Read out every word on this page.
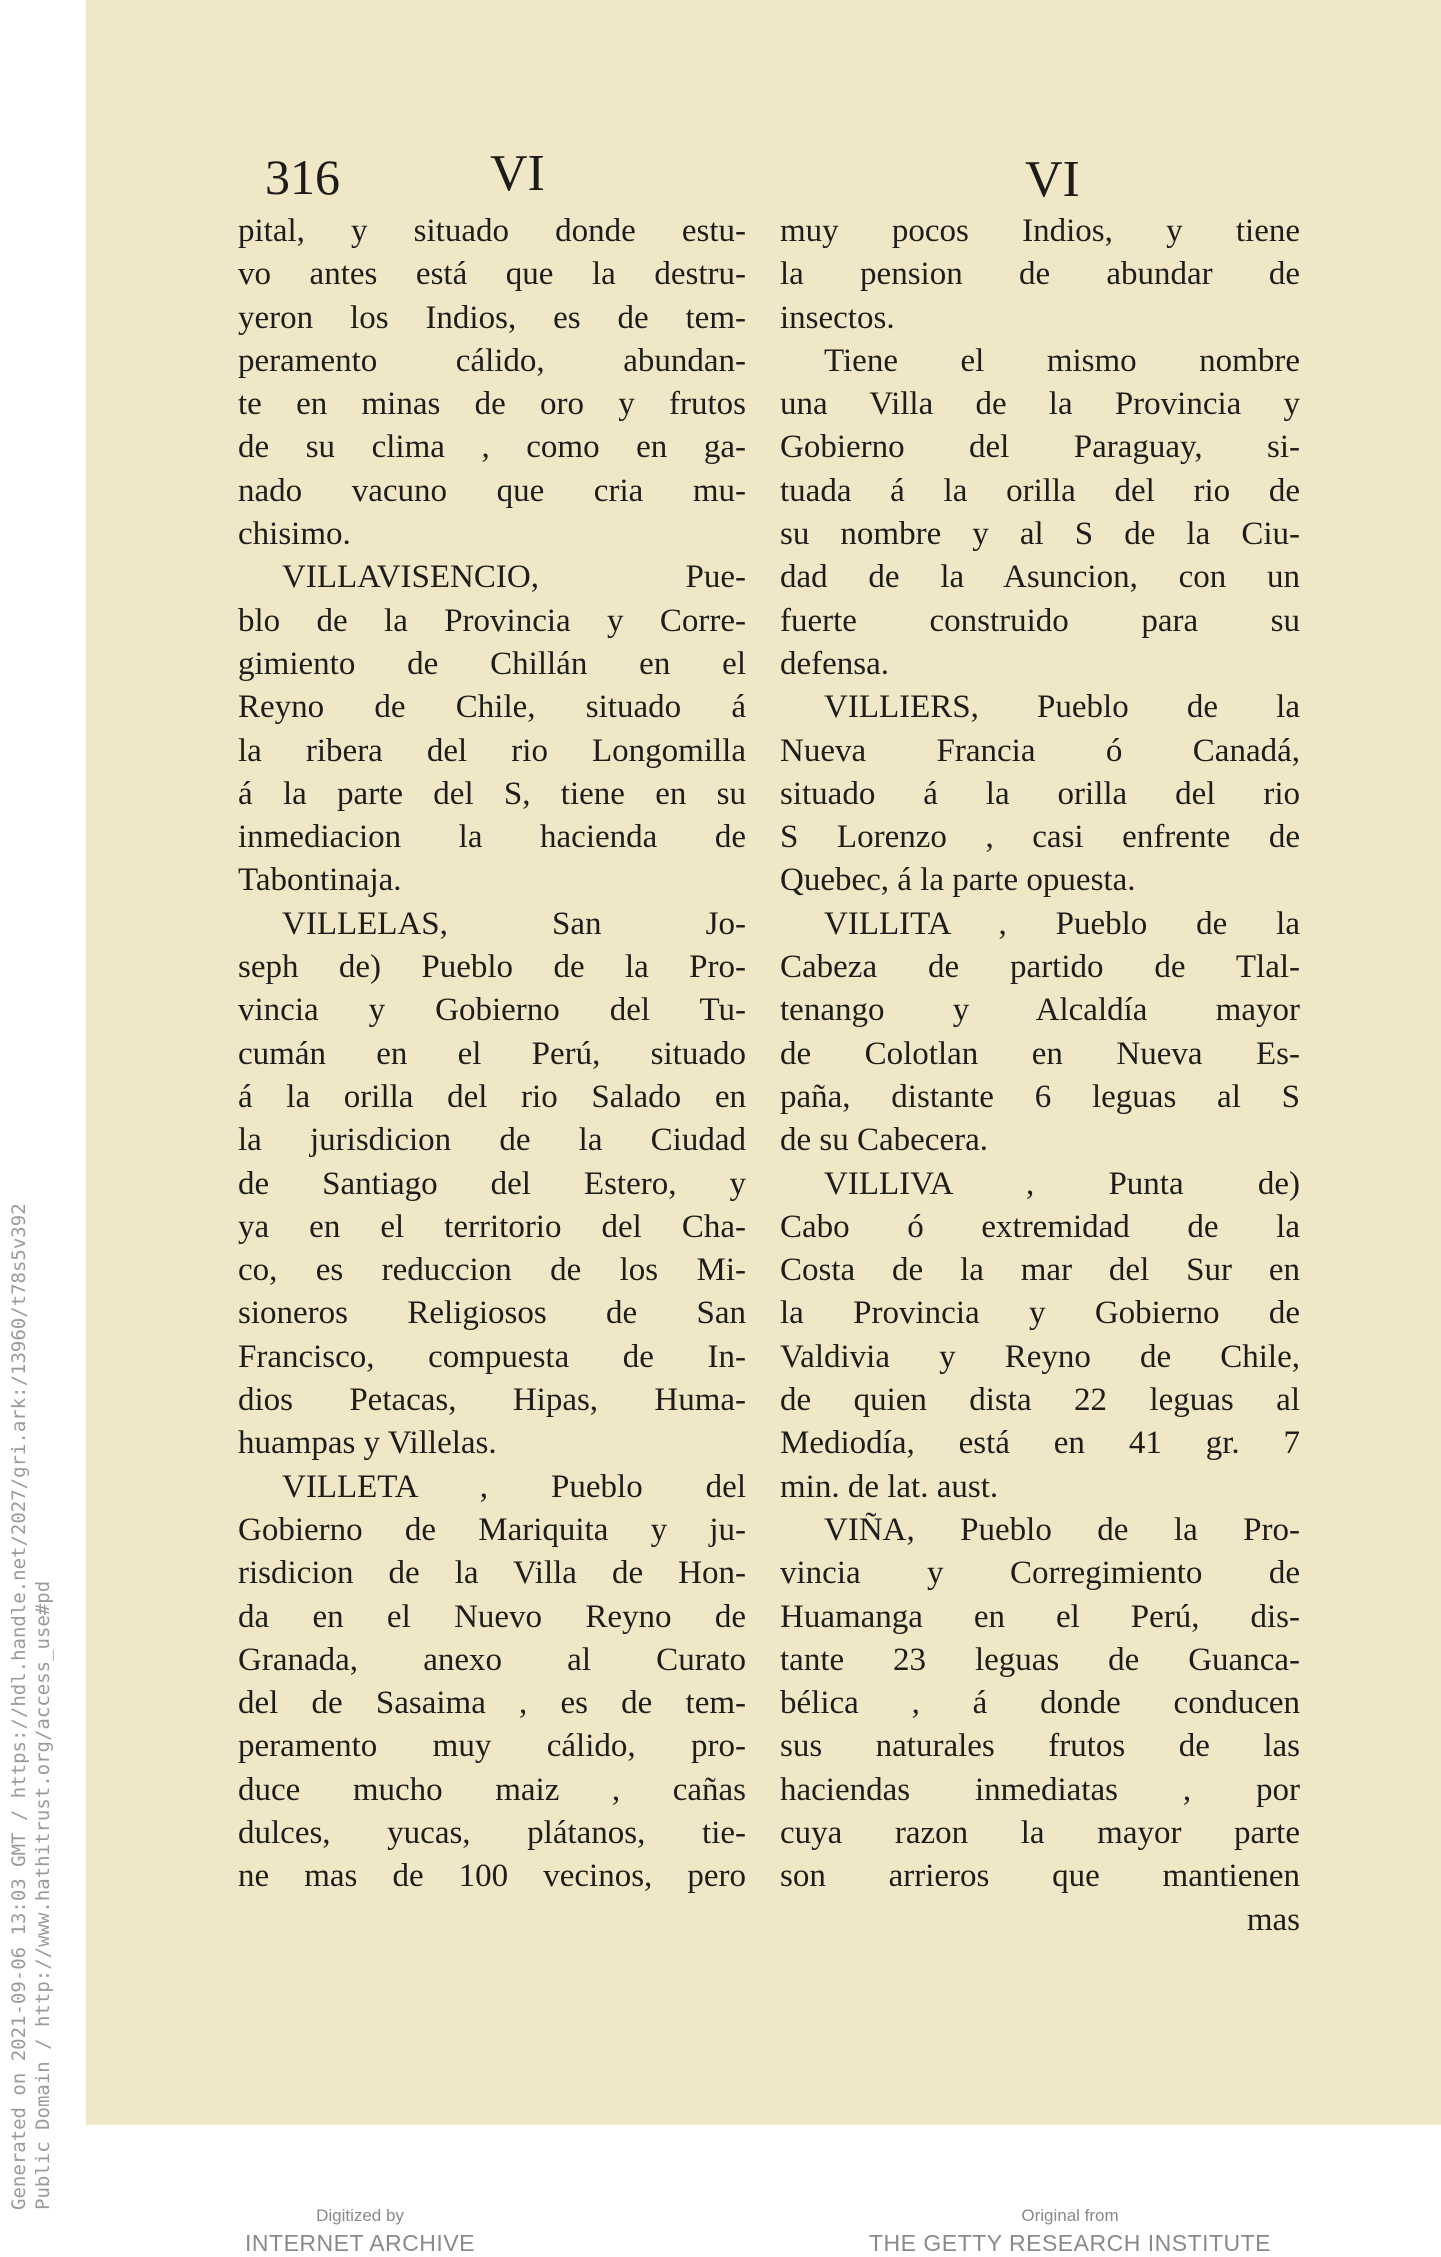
Generated on 2021-09-06 13:03 GMT / https://hdl.handle.net/2027/gri.ark:/13960/t78s5v392 Public Domain / http://www.hathitrust.org/access_use#pd
316	VI	VI
pital, y situado donde estu-
vo antes está que la destru-
yeron los Indios, es de tem-
peramento cálido, abundan-
te en minas de oro y frutos
de su clima , como en ga-
nado vacuno que cria mu-
chisimo.
VILLAVISENCIO, Pue-
blo de la Provincia y Corre-
gimiento de Chillán en el
Reyno de Chile, situado á
la ribera del rio Longomilla
á la parte del S, tiene en su
inmediacion la hacienda de
Tabontinaja.
VILLELAS, San Jo-
seph de) Pueblo de la Pro-
vincia y Gobierno del Tu-
cumán en el Perú, situado
á la orilla del rio Salado en
la jurisdicion de la Ciudad
de Santiago del Estero, y
ya en el territorio del Cha-
co, es reduccion de los Mi-
sioneros Religiosos de San
Francisco, compuesta de In-
dios Petacas, Hipas, Huma-
huampas y Villelas.
VILLETA , Pueblo del
Gobierno de Mariquita y ju-
risdicion de la Villa de Hon-
da en el Nuevo Reyno de
Granada, anexo al Curato
del de Sasaima , es de tem-
peramento muy cálido, pro-
duce mucho maiz , cañas
dulces, yucas, plátanos, tie-
ne mas de 100 vecinos, pero
muy pocos Indios, y tiene
la pension de abundar de
insectos.
Tiene el mismo nombre
una Villa de la Provincia y
Gobierno del Paraguay, si-
tuada á la orilla del rio de
su nombre y al S de la Ciu-
dad de la Asuncion, con un
fuerte construido para su
defensa.
VILLIERS, Pueblo de la
Nueva Francia ó Canadá,
situado á la orilla del rio
S Lorenzo , casi enfrente de
Quebec, á la parte opuesta.
VILLITA , Pueblo de la
Cabeza de partido de Tlal-
tenango y Alcaldía mayor
de Colotlan en Nueva Es-
paña, distante 6 leguas al S
de su Cabecera.
VILLIVA , Punta de)
Cabo ó extremidad de la
Costa de la mar del Sur en
la Provincia y Gobierno de
Valdivia y Reyno de Chile,
de quien dista 22 leguas al
Mediodía, está en 41 gr. 7
min. de lat. aust.
VIÑA, Pueblo de la Pro-
vincia y Corregimiento de
Huamanga en el Perú, dis-
tante 23 leguas de Guanca-
bélica , á donde conducen
sus naturales frutos de las
haciendas inmediatas , por
cuya razon la mayor parte
son arrieros que mantienen
mas
Digitized by
INTERNET ARCHIVE
Original from
THE GETTY RESEARCH INSTITUTE
